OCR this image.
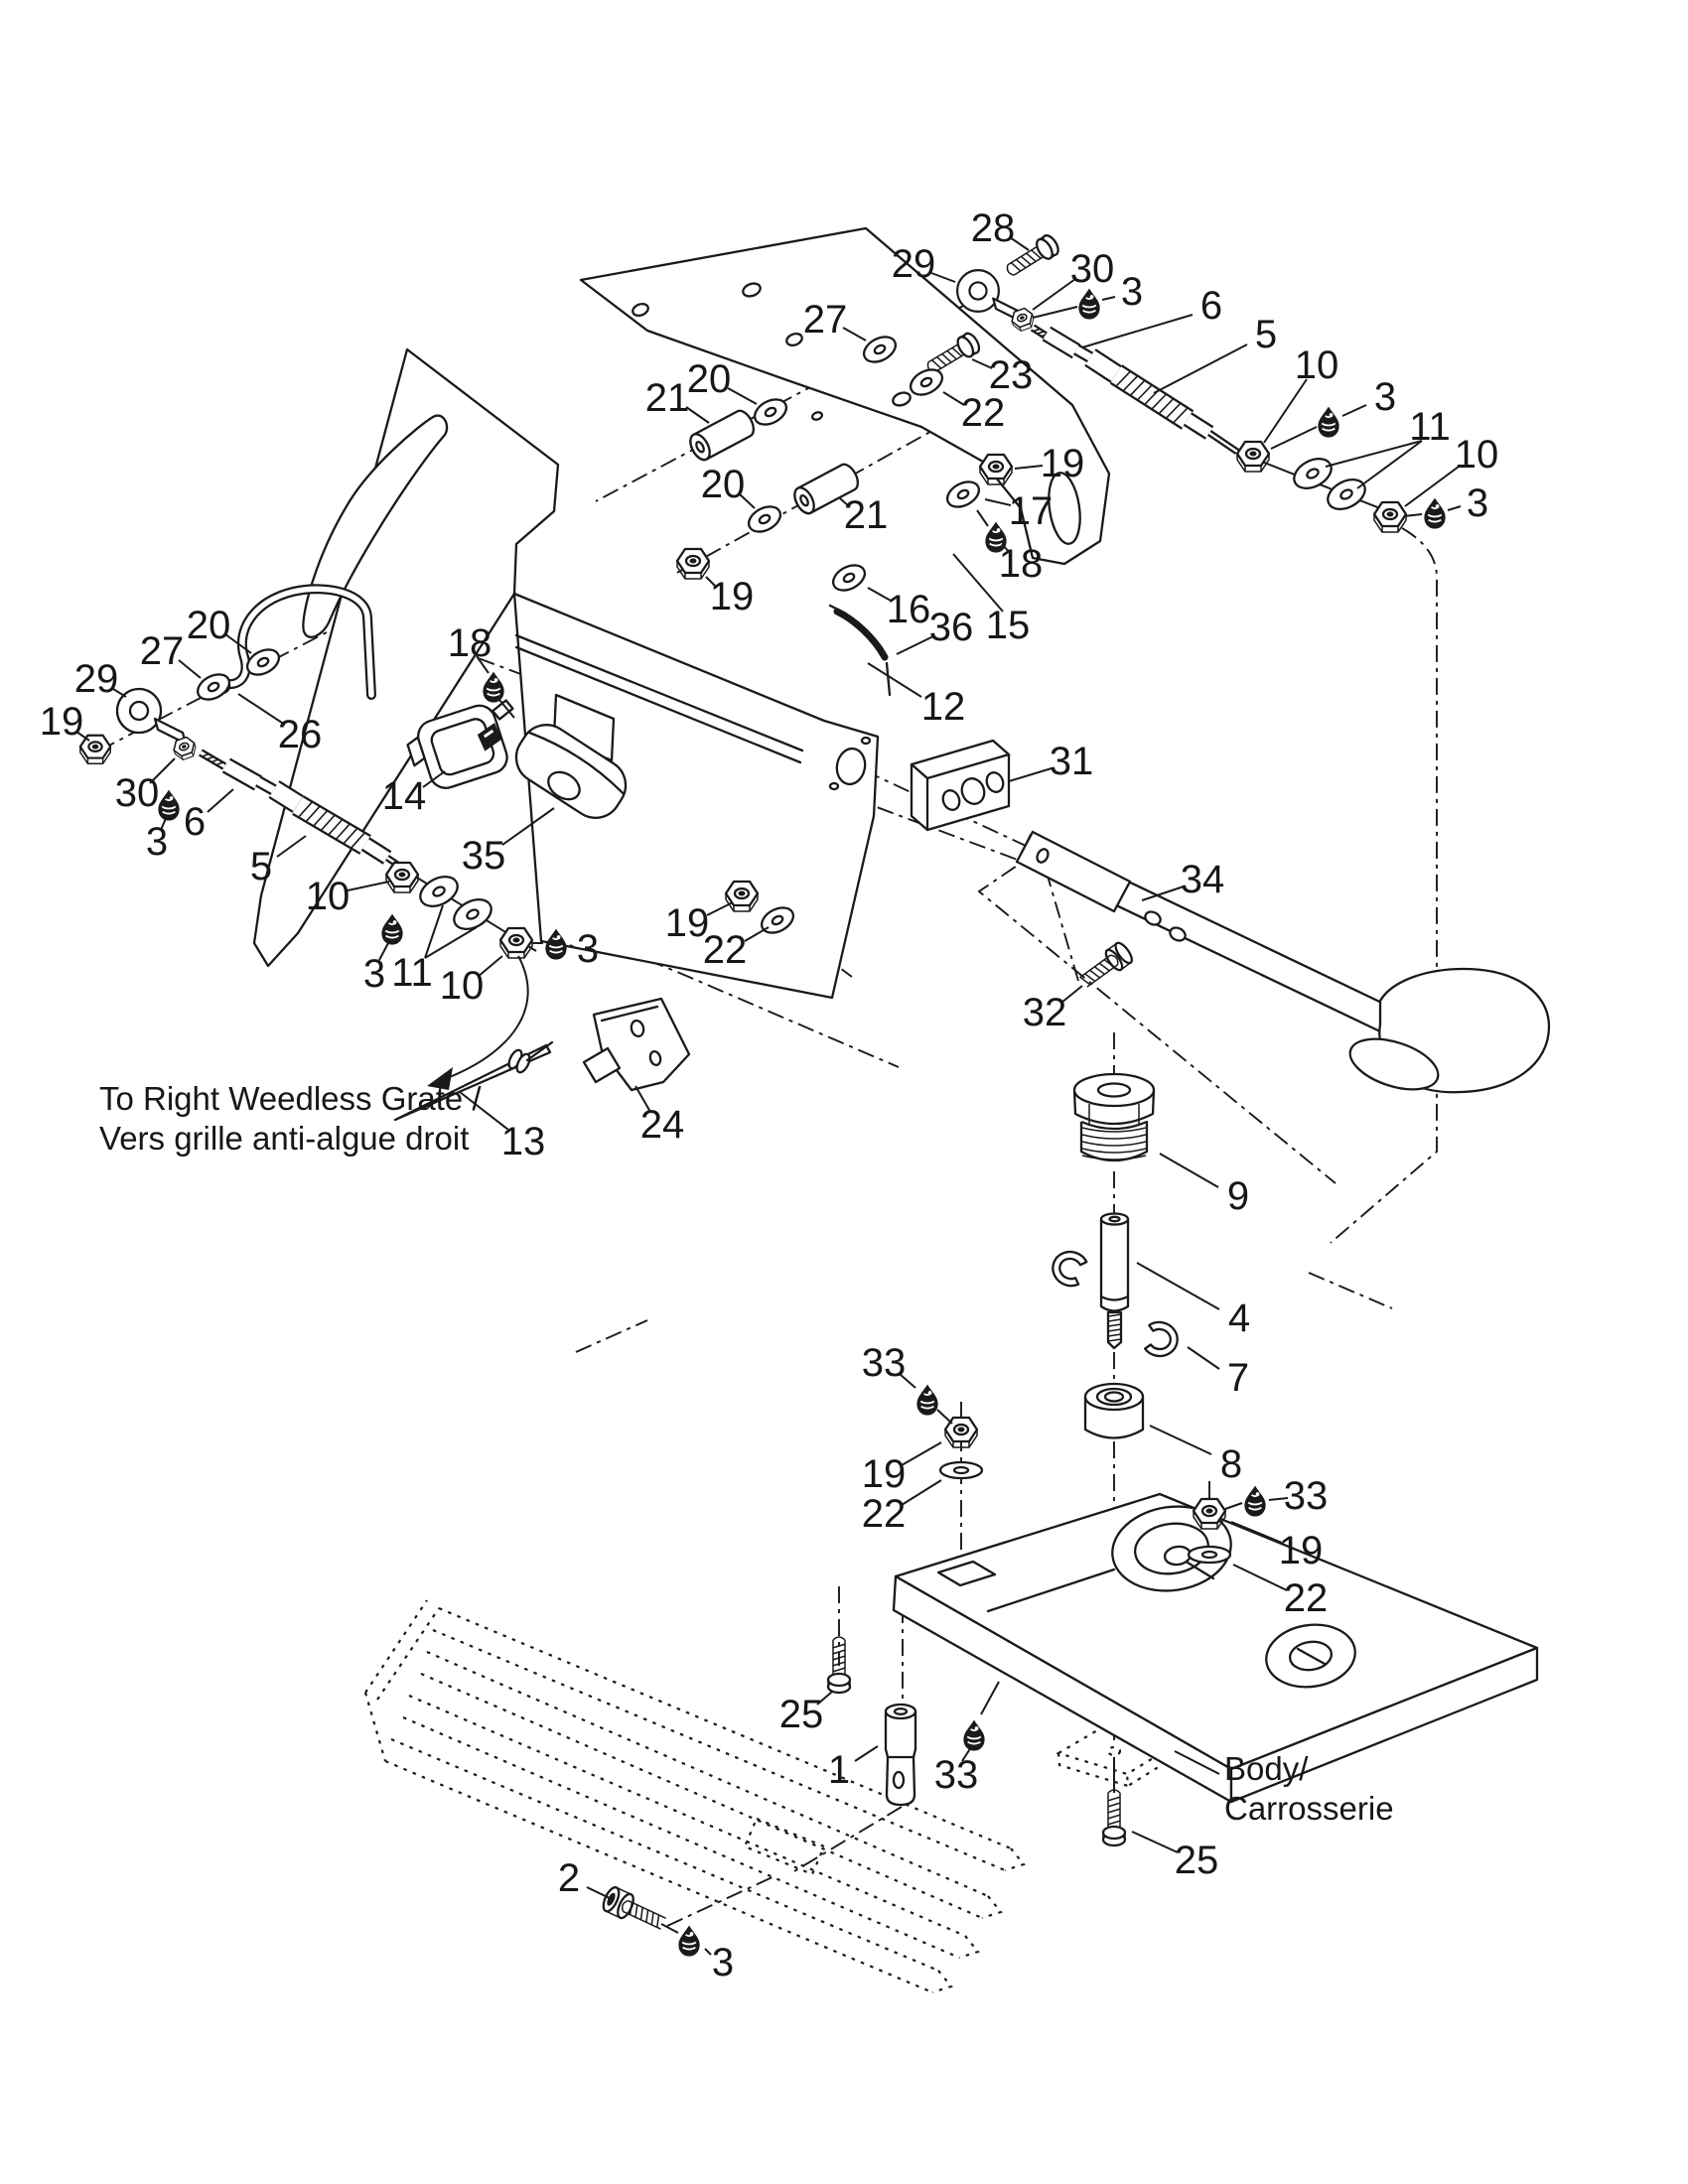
28
29	30
3 6
5
10
3
11
10
3
27
23
22
20
21
20
21
19
19
17
18
16
36 15
12
31
34
32
26
18
14
35
29
19
27
20
30
3 6
5
10
3 11 10
3
19
22
13 24
9
4
7
8
33
19
22	33
19
22
25
1 33
25
2
3
To Right Weedless Grate / Vers grille anti-algue droit
Body/ Carrosserie
